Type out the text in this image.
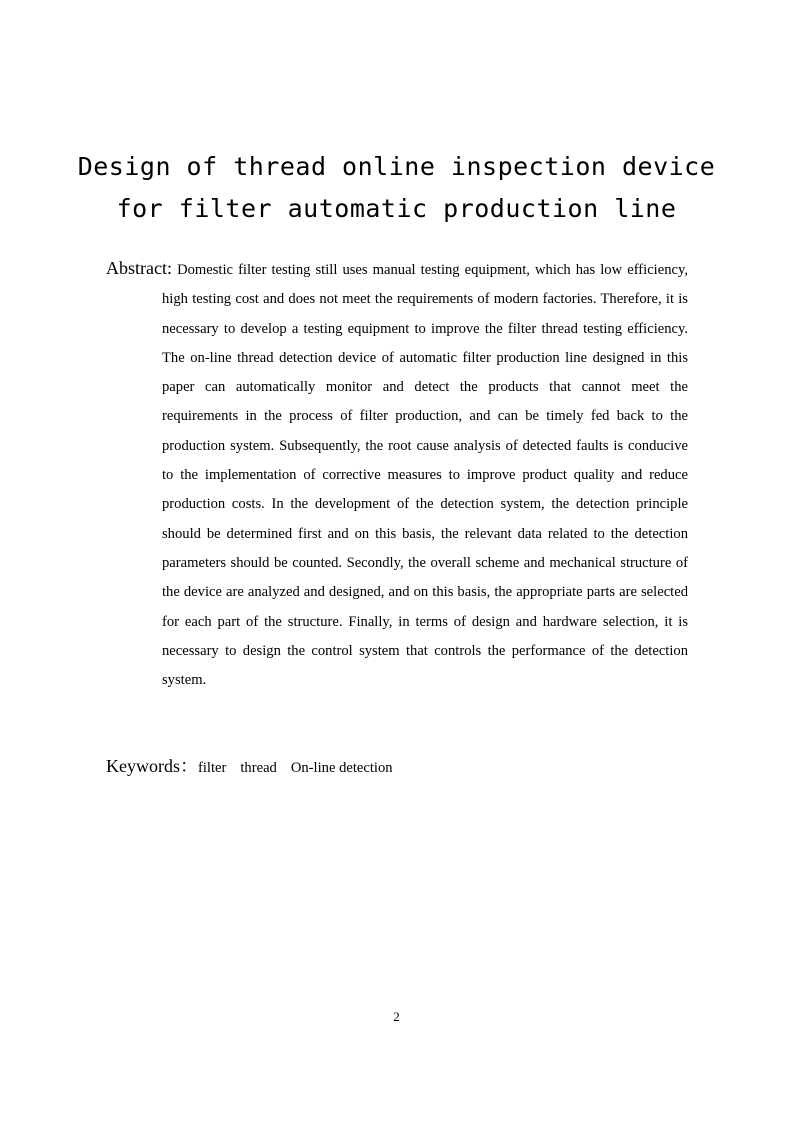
Design of thread online inspection device
for filter automatic production line

Abstract: Domestic filter testing still uses manual testing equipment, which has low efficiency, high testing cost and does not meet the requirements of modern factories. Therefore, it is necessary to develop a testing equipment to improve the filter thread testing efficiency. The on-line thread detection device of automatic filter production line designed in this paper can automatically monitor and detect the products that cannot meet the requirements in the process of filter production, and can be timely fed back to the production system. Subsequently, the root cause analysis of detected faults is conducive to the implementation of corrective measures to improve product quality and reduce production costs. In the development of the detection system, the detection principle should be determined first and on this basis, the relevant data related to the detection parameters should be counted. Secondly, the overall scheme and mechanical structure of the device are analyzed and designed, and on this basis, the appropriate parts are selected for each part of the structure. Finally, in terms of design and hardware selection, it is necessary to design the control system that controls the performance of the detection system.

Keywords：filter thread On-line detection

2
